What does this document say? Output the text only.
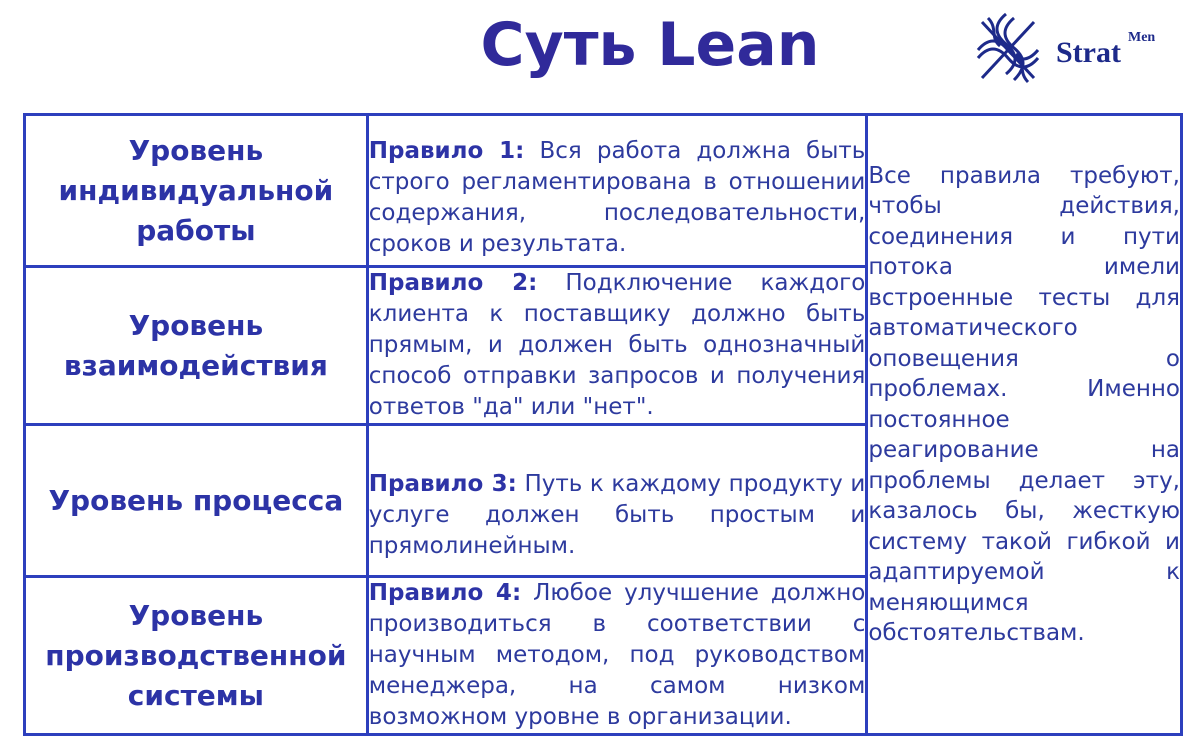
Суть Lean	Strat Men
Уровень индивидуальной работы	Правило 1: Вся работа должна быть строго регламентирована в отношении содержания, последовательности, сроков и результата.	Все правила требуют, чтобы действия, соединения и пути потока имели встроенные тесты для автоматического оповещения о проблемах. Именно постоянное реагирование на проблемы делает эту, казалось бы, жесткую систему такой гибкой и адаптируемой к меняющимся обстоятельствам.

Уровень взаимодействия	Правило 2: Подключение каждого клиента к поставщику должно быть прямым, и должен быть однозначный способ отправки запросов и получения ответов "да" или "нет".	
Уровень процесса	Правило 3: Путь к каждому продукту и услуге должен быть простым и прямолинейным.	
Уровень производственной системы	Правило 4: Любое улучшение должно производиться в соответствии с научным методом, под руководством менеджера, на самом низком возможном уровне в организации.	
